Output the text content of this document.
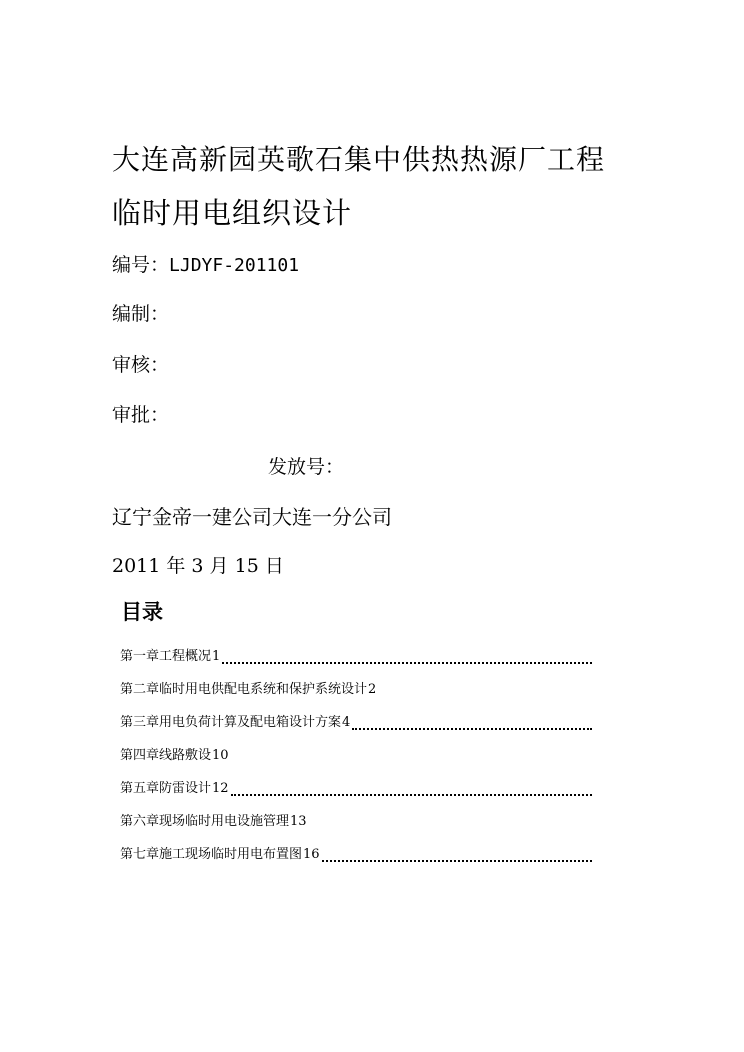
大连高新园英歌石集中供热热源厂工程
临时用电组织设计
编号：LJDYF-201101
编制：
审核：
审批：
发放号：
辽宁金帝一建公司大连一分公司
2011 年 3 月 15 日
目录
第一章工程概况 1
第二章临时用电供配电系统和保护系统设计 2
第三章用电负荷计算及配电箱设计方案 4
第四章线路敷设 10
第五章防雷设计 12
第六章现场临时用电设施管理 13
第七章施工现场临时用电布置图 16
